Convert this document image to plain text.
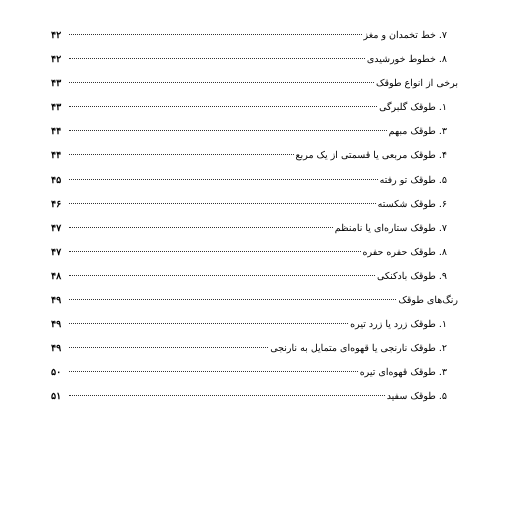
۷. خط تخمدان و مغز
۴۲
۸. خطوط خورشیدی
۴۲
برخی از انواع طوقک
۴۳
۱. طوقک گلبرگی
۴۳
۳. طوقک مبهم
۴۴
۴. طوقک مربعی یا قسمتی از یک مربع
۴۴
۵. طوقک تو رفته
۴۵
۶. طوقک شکسته
۴۶
۷. طوقک ستاره‌ای یا نامنظم
۴۷
۸. طوقک حفره حفره
۴۷
۹. طوقک بادکنکی
۴۸
رنگ‌های طوقک
۴۹
۱. طوقک زرد یا زرد تیره
۴۹
۲. طوقک نارنجی یا قهوه‌ای متمایل به نارنجی
۴۹
۳. طوقک قهوه‌ای تیره
۵۰
۵. طوقک سفید
۵۱
